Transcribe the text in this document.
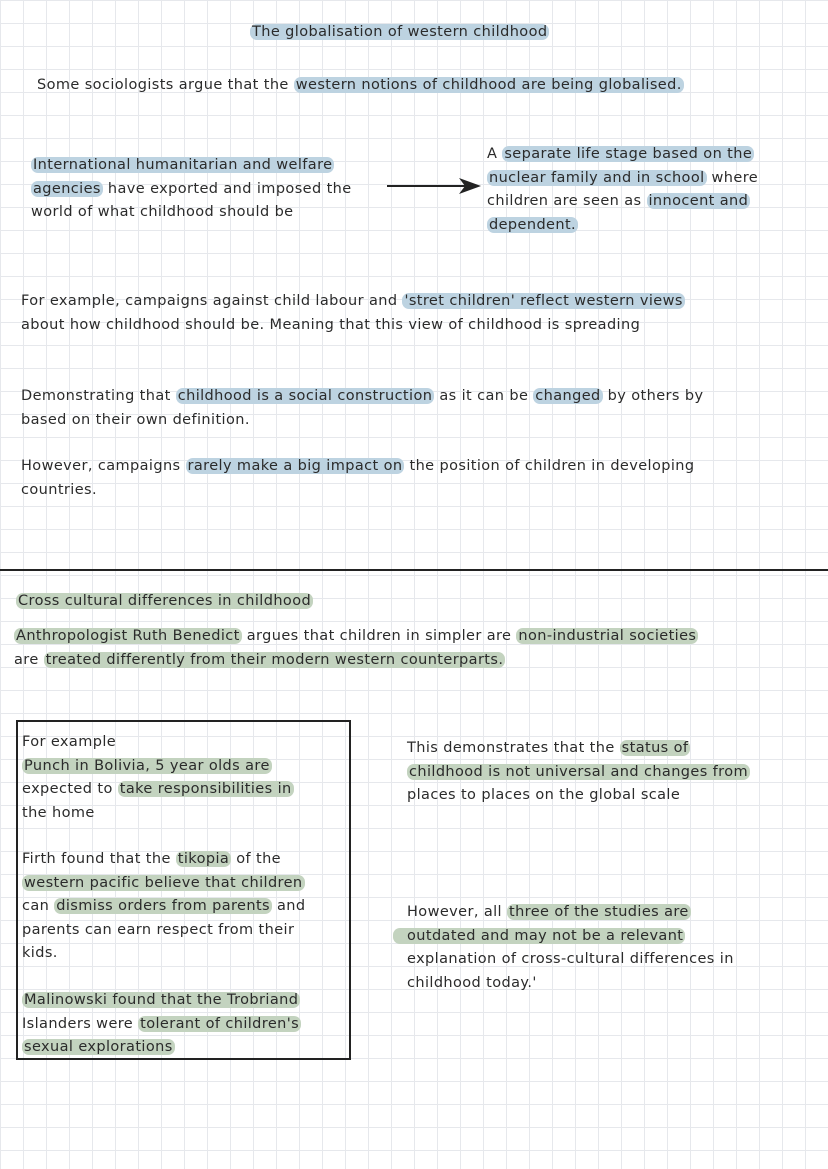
The globalisation of western childhood
Some sociologists argue that the western notions of childhood are being globalised.
International humanitarian and welfare
agencies have exported and imposed the
world of what childhood should be
A separate life stage based on the
nuclear family and in school where
children are seen as innocent and
dependent.
For example, campaigns against child labour and 'stret children' reflect western views
about how childhood should be. Meaning that this view of childhood is spreading
Demonstrating that childhood is a social construction as it can be changed by others by
based on their own definition.
However, campaigns rarely make a big impact on the position of children in developing
countries.
Cross cultural differences in childhood
Anthropologist Ruth Benedict argues that children in simpler are non-industrial societies
are treated differently from their modern western counterparts.
For example
Punch in Bolivia, 5 year olds are
expected to take responsibilities in
the home
Firth found that the tikopia of the
western pacific believe that children
can dismiss orders from parents and
parents can earn respect from their
kids.
Malinowski found that the Trobriand
Islanders were tolerant of children's
sexual explorations
This demonstrates that the status of
childhood is not universal and changes from
places to places on the global scale
However, all three of the studies are
outdated and may not be a relevant
explanation of cross-cultural differences in
childhood today.'
